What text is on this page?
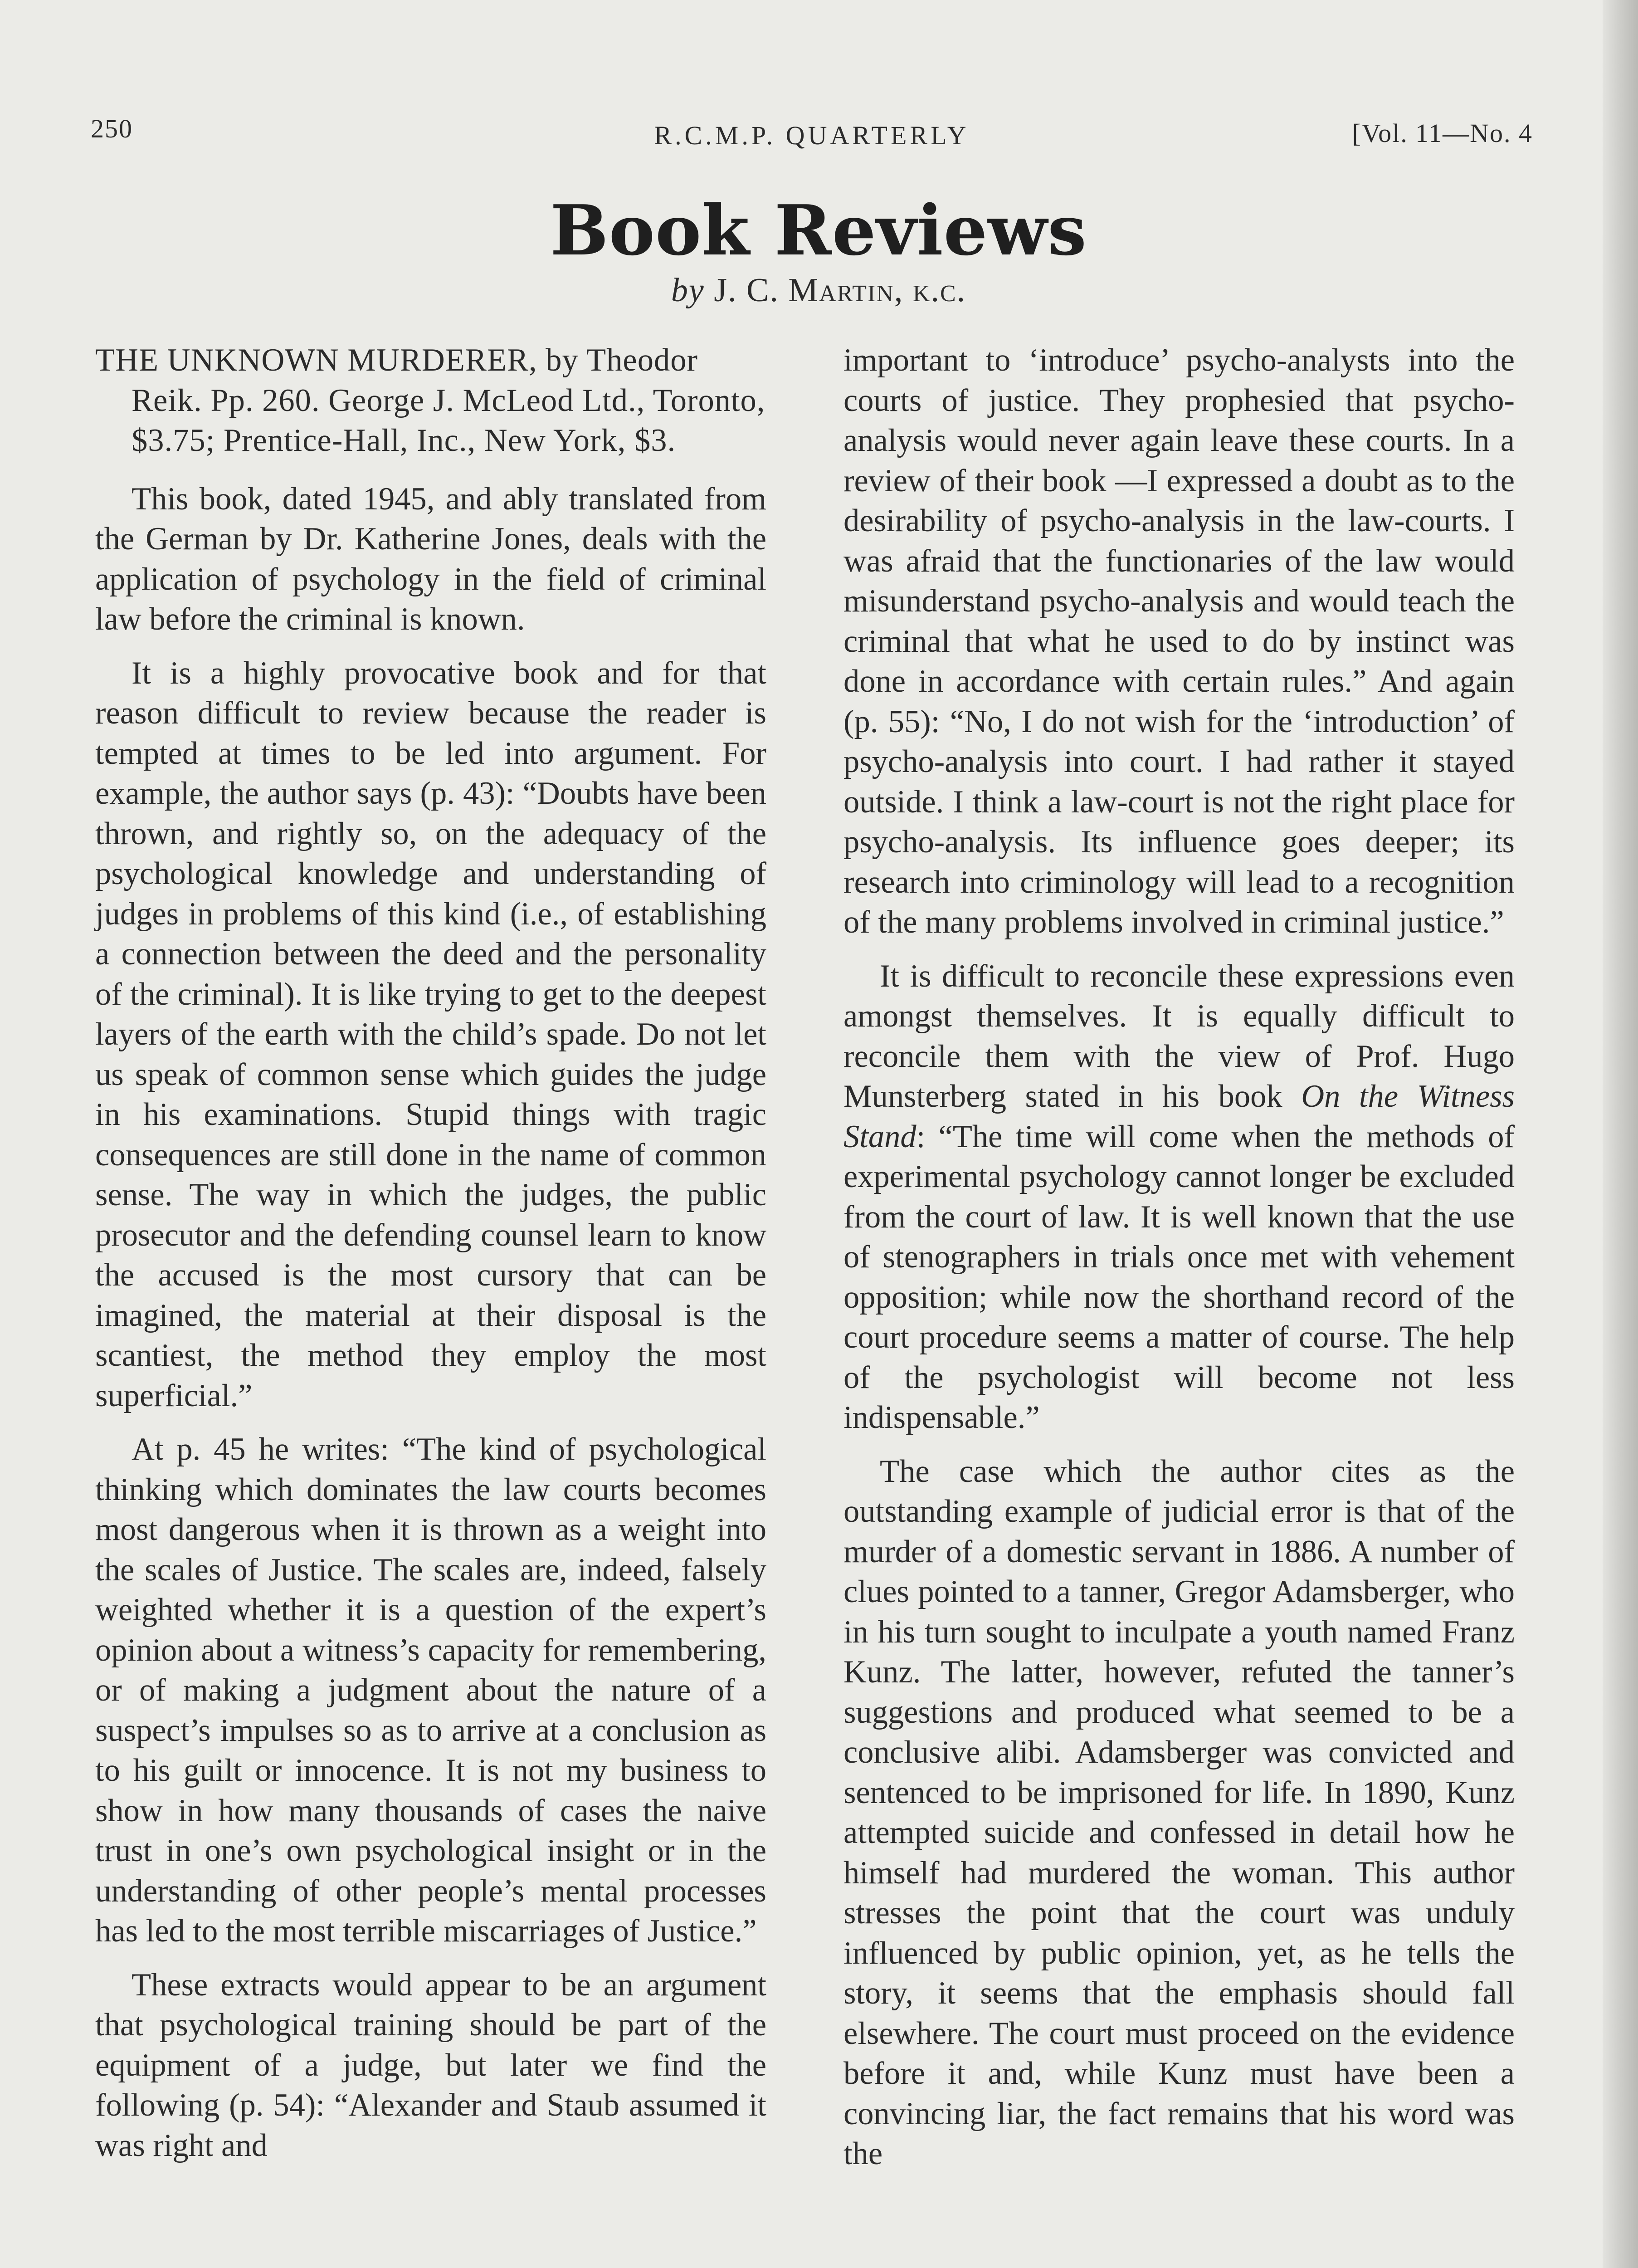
250	R.C.M.P. QUARTERLY	[Vol. 11—No. 4
Book Reviews
by J. C. Martin, k.c.

THE UNKNOWN MURDERER, by Theodor Reik. Pp. 260. George J. McLeod Ltd., Toronto, $3.75; Prentice-Hall, Inc., New York, $3.

This book, dated 1945, and ably translated from the German by Dr. Katherine Jones, deals with the application of psychology in the field of criminal law before the criminal is known.

It is a highly provocative book and for that reason difficult to review because the reader is tempted at times to be led into argument. For example, the author says (p. 43): “Doubts have been thrown, and rightly so, on the adequacy of the psychological knowledge and understanding of judges in problems of this kind (i.e., of establishing a connection between the deed and the personality of the criminal). It is like trying to get to the deepest layers of the earth with the child’s spade. Do not let us speak of common sense which guides the judge in his examinations. Stupid things with tragic consequences are still done in the name of common sense. The way in which the judges, the public prosecutor and the defending counsel learn to know the accused is the most cursory that can be imagined, the material at their disposal is the scantiest, the method they employ the most superficial.”

At p. 45 he writes: “The kind of psychological thinking which dominates the law courts becomes most dangerous when it is thrown as a weight into the scales of Justice. The scales are, indeed, falsely weighted whether it is a question of the expert’s opinion about a witness’s capacity for remembering, or of making a judgment about the nature of a suspect’s impulses so as to arrive at a conclusion as to his guilt or innocence. It is not my business to show in how many thousands of cases the naive trust in one’s own psychological insight or in the understanding of other people’s mental processes has led to the most terrible miscarriages of Justice.”

These extracts would appear to be an argument that psychological training should be part of the equipment of a judge, but later we find the following (p. 54): “Alexander and Staub assumed it was right and

important to ‘introduce’ psycho-analysts into the courts of justice. They prophesied that psycho-analysis would never again leave these courts. In a review of their book —I expressed a doubt as to the desirability of psycho-analysis in the law-courts. I was afraid that the functionaries of the law would misunderstand psycho-analysis and would teach the criminal that what he used to do by instinct was done in accordance with certain rules.” And again (p. 55): “No, I do not wish for the ‘introduction’ of psycho-analysis into court. I had rather it stayed outside. I think a law-court is not the right place for psycho-analysis. Its influence goes deeper; its research into criminology will lead to a recognition of the many problems involved in criminal justice.”

It is difficult to reconcile these expressions even amongst themselves. It is equally difficult to reconcile them with the view of Prof. Hugo Munsterberg stated in his book On the Witness Stand: “The time will come when the methods of experimental psychology cannot longer be excluded from the court of law. It is well known that the use of stenographers in trials once met with vehement opposition; while now the shorthand record of the court procedure seems a matter of course. The help of the psychologist will become not less indispensable.”

The case which the author cites as the outstanding example of judicial error is that of the murder of a domestic servant in 1886. A number of clues pointed to a tanner, Gregor Adamsberger, who in his turn sought to inculpate a youth named Franz Kunz. The latter, however, refuted the tanner’s suggestions and produced what seemed to be a conclusive alibi. Adamsberger was convicted and sentenced to be imprisoned for life. In 1890, Kunz attempted suicide and confessed in detail how he himself had murdered the woman. This author stresses the point that the court was unduly influenced by public opinion, yet, as he tells the story, it seems that the emphasis should fall elsewhere. The court must proceed on the evidence before it and, while Kunz must have been a convincing liar, the fact remains that his word was the
